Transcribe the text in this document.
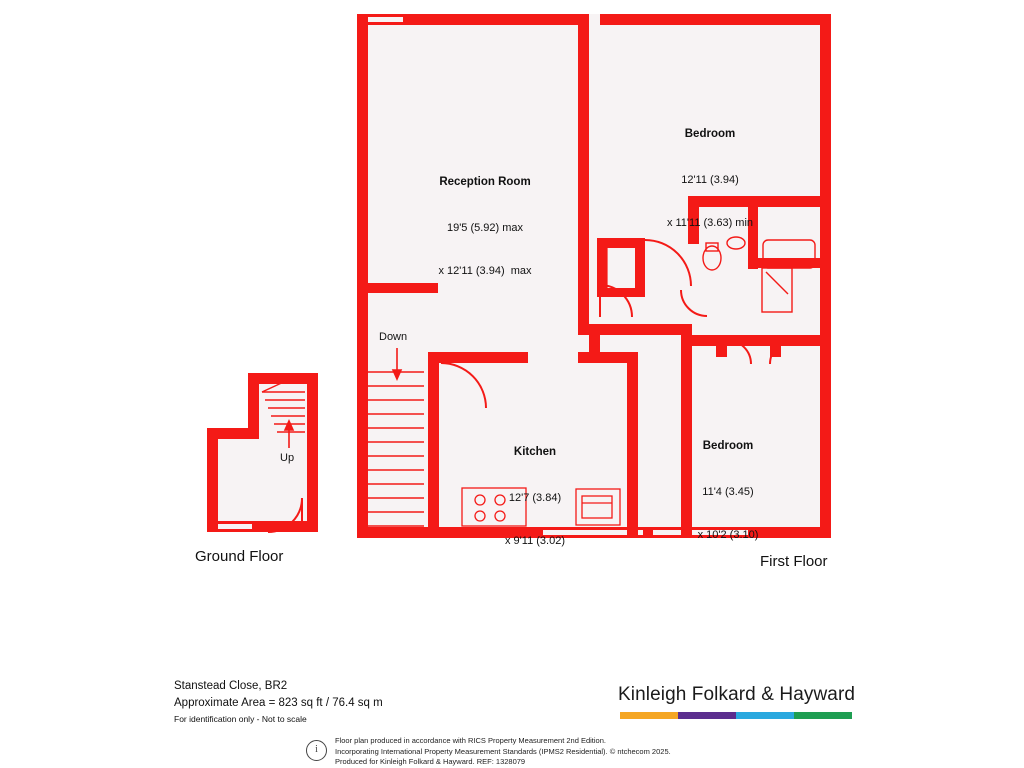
Reception Room

19'5 (5.92) max

x 12'11 (3.94)  max

Bedroom

12'11 (3.94)

x 11'11 (3.63) min

Kitchen

12'7 (3.84)

x 9'11 (3.02)

Bedroom

11'4 (3.45)

x 10'2 (3.10)

Down
Up
Ground Floor	First Floor
Stanstead Close, BR2
Approximate Area = 823 sq ft / 76.4 sq m
For identification only - Not to scale
Kinleigh Folkard & Hayward
i
Floor plan produced in accordance with RICS Property Measurement 2nd Edition.
Incorporating International Property Measurement Standards (IPMS2 Residential). © ntchecom 2025.
Produced for Kinleigh Folkard & Hayward. REF: 1328079
